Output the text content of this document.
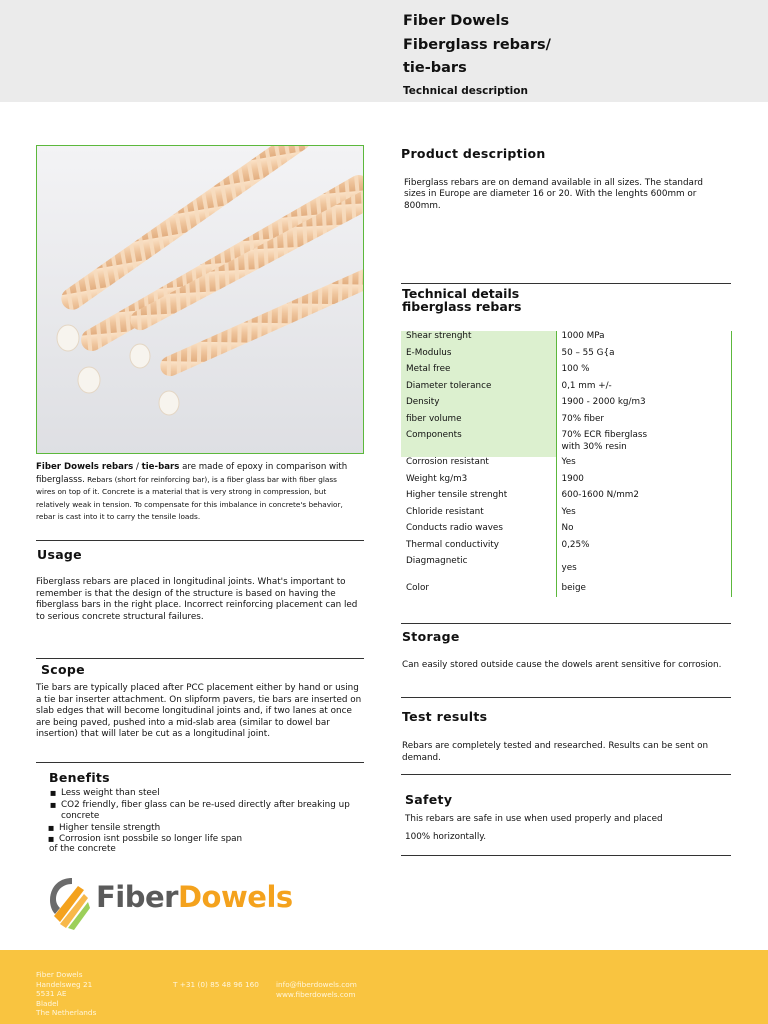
Fiber Dowels
Fiberglass rebars/
tie-bars
Technical description
Fiber Dowels rebars / tie-bars are made of epoxy in comparison with fiberglasss. Rebars (short for reinforcing bar), is a fiber glass bar with fiber glass wires on top of it. Concrete is a material that is very strong in compression, but relatively weak in tension. To compensate for this imbalance in concrete's behavior, rebar is cast into it to carry the tensile loads.
Usage
Fiberglass rebars are placed in longitudinal joints. What's important to remember is that the design of the structure is based on having the fiberglass bars in the right place. Incorrect reinforcing placement can led to serious concrete structural failures.
Scope
Tie bars are typically placed after PCC placement either by hand or using a tie bar inserter attachment. On slipform pavers, tie bars are inserted on slab edges that will become longitudinal joints and, if two lanes at once are being paved, pushed into a mid-slab area (similar to dowel bar insertion) that will later be cut as a longitudinal joint.
Benefits
■ Less weight than steel
■ CO2 friendly, fiber glass can be re-used directly after breaking up concrete
■ Higher tensile strength
■ Corrosion isnt possbile so longer life span
of the concrete
FiberDowels
Product description
Fiberglass rebars are on demand available in all sizes. The standard sizes in Europe are diameter 16 or 20. With the lenghts 600mm or 800mm.
Technical details
fiberglass rebars
Shear strenght	1000 MPa
E-Modulus	50 – 55 G{a
Metal free	100 %
Diameter tolerance	0,1 mm +/-
Density	1900 - 2000 kg/m3
fiber volume	70% fiber
Components	70% ECR fiberglass
with 30% resin

Corrosion resistant	Yes
Weight kg/m3	1900
Higher tensile strenght	600-1600 N/mm2
Chloride resistant	Yes
Conducts radio waves	No
Thermal conductivity	0,25%
Diagmagnetic	yes
Color	beige
Storage
Can easily stored outside cause the dowels arent sensitive for corrosion.
Test results
Rebars are completely tested and researched. Results can be sent on demand.
Safety
This rebars are safe in use when used properly and placed
100% horizontally.
Fiber Dowels
Handelsweg 21
5531 AE
Bladel
The Netherlands
T +31 (0) 85 48 96 160 info@fiberdowels.com
www.fiberdowels.com
